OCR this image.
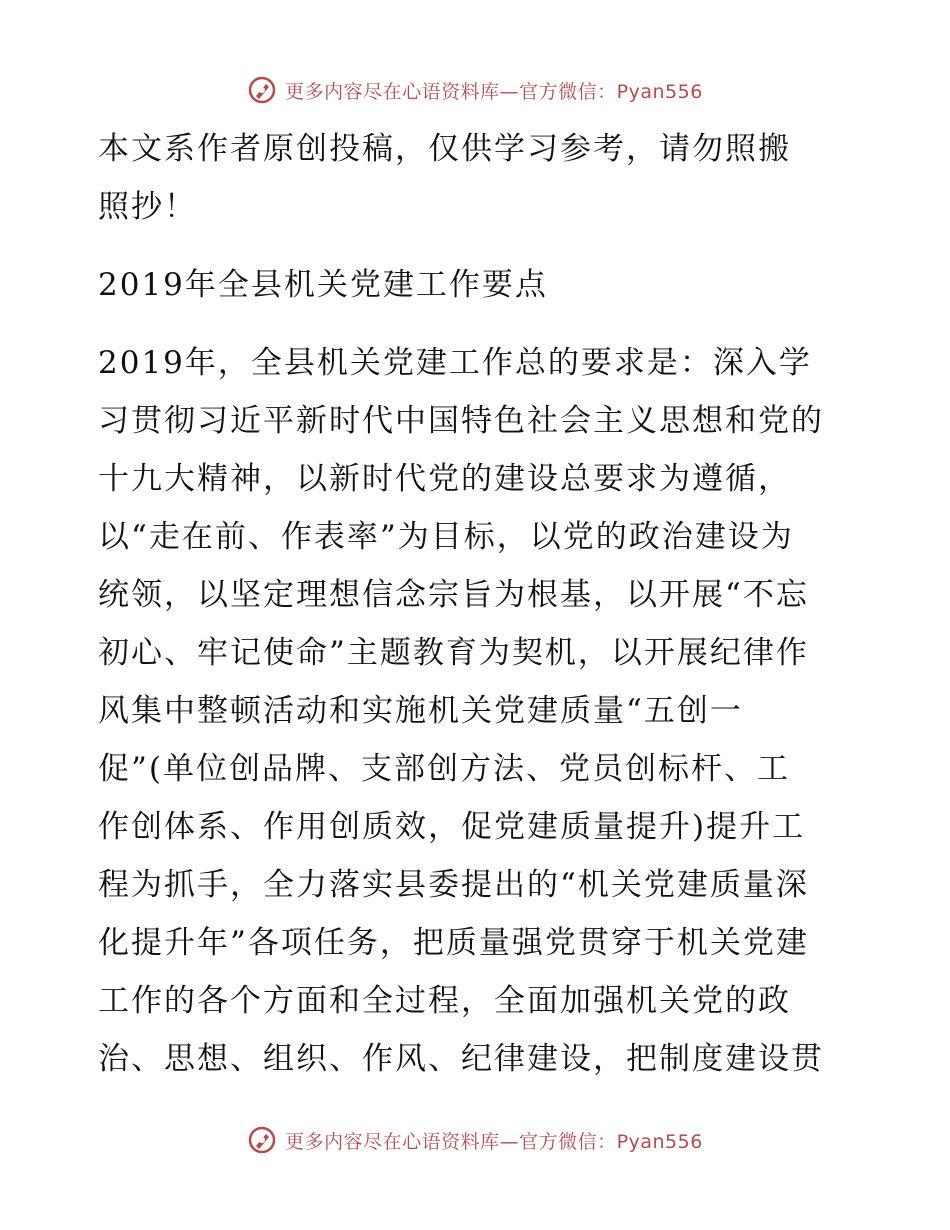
更多内容尽在心语资料库—官方微信：Pyan556

本文系作者原创投稿，仅供学习参考，请勿照搬
照抄！

2019年全县机关党建工作要点

2019年，全县机关党建工作总的要求是：深入学
习贯彻习近平新时代中国特色社会主义思想和党的
十九大精神，以新时代党的建设总要求为遵循，
以“走在前、作表率”为目标，以党的政治建设为
统领，以坚定理想信念宗旨为根基，以开展“不忘
初心、牢记使命”主题教育为契机，以开展纪律作
风集中整顿活动和实施机关党建质量“五创一
促”(单位创品牌、支部创方法、党员创标杆、工
作创体系、作用创质效，促党建质量提升)提升工
程为抓手，全力落实县委提出的“机关党建质量深
化提升年”各项任务，把质量强党贯穿于机关党建
工作的各个方面和全过程，全面加强机关党的政
治、思想、组织、作风、纪律建设，把制度建设贯

更多内容尽在心语资料库—官方微信：Pyan556
